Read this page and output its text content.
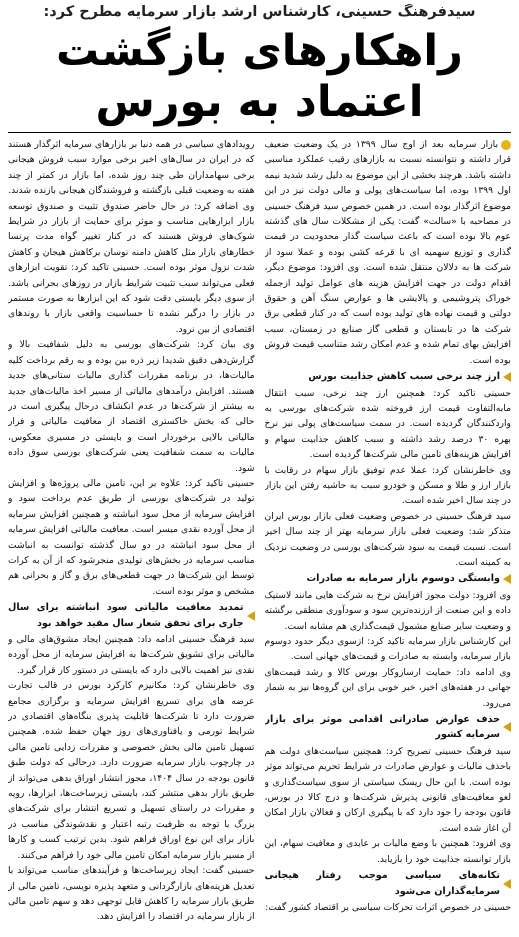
سیدفرهنگ حسینی، کارشناس ارشد بازار سرمایه مطرح کرد:
راهکارهای بازگشت
اعتماد به بورس

بازار سرمایه بعد از اوج سال ۱۳۹۹ در یک وضعیت ضعیف قرار داشته و نتوانسته نسبت به بازارهای رقیب عملکرد مناسبی داشته باشد. هرچند بخشی از این موضوع به دلیل رشد شدید نیمه اول ۱۳۹۹ بوده، اما سیاست‌های پولی و مالی دولت نیز در این موضوع اثرگذار بوده است. در همین خصوص سید فرهنگ حسینی در مصاحبه با «سالت» گفت: یکی از مشکلات سال های گذشته عوم بالا بوده است که باعث سیاست گذار محدودیت در قیمت گذاری و توزیع سهمیه ای با قرعه کشی بوده و عملا سود از شرکت ها به دلالان منتقل شده است. وی افزود: موضوع دیگر، اقدام دولت در جهت افزایش هزینه های عوامل تولید ازجمله خوراک پتروشیمی و پالایشی ها و عوارض سنگ آهن و حقوق دولتی و قیمت نهاده های تولید بوده است که در کنار قطعی برق شرکت ها در تابستان و قطعی گاز صنایع در زمستان، سبب افزایش بهای تمام شده و عدم امکان رشد متناسب قیمت فروش بوده است.

ارز چند نرخی سبب کاهش جذابیت بورس

حسینی تاکید کرد: همچنین ارز چند نرخی، سبب انتقال مابه‌التفاوت قیمت ارز فروخته شده شرکت‌های بورسی به واردکنندگان گردیده است. در سمت سیاست‌های پولی نیز نرخ بهره ۳۰ درصد رشد داشته و سبب کاهش جذابیت سهام و افزایش هزینه‌های تامین مالی شرکت‌ها گردیده است.

وی خاطرنشان کرد: عملا عدم توفیق بازار سهام در رقابت با بازار ارز و طلا و مسکن و خودرو سبب به حاشیه رفتن این بازار در چند سال اخیر شده است.

سید فرهنگ حسینی در خصوص وضعیت فعلی بازار بورس ایران متذکر شد: وضعیت فعلی بازار سرمایه بهتر از چند سال اخیر است. نسبت قیمت به سود شرکت‌های بورسی در وضعیت نزدیک به کمینه است.

وابستگی دوسوم بازار سرمایه به صادرات

وی افزود: دولت مجوز افزایش نرخ به شرکت هایی مانند لاستیک داده و این صنعت از ارزنده‌ترین سود و سودآوری منطقی برگشته و وضعیت سایر صنایع مشمول قیمت‌گذاری هم مشابه است.

این کارشناس بازار سرمایه تاکید کرد: ازسوی دیگر حدود دوسوم بازار سرمایه، وابسته به صادرات و قیمت‌های جهانی است.

وی ادامه داد: حمایت ارسازوکار بورس کالا و رشد قیمت‌های جهانی در هفته‌های اخیر، خبر خوبی برای این گروه‌ها نیز به شمار می‌رود.

حذف عوارض صادراتی اقدامی موثر برای بازار سرمایه کشور

سید فرهنگ حسینی تصریح کرد: همچنین سیاست‌های دولت هم باحذف مالیات و عوارض صادرات در شرایط تحریم می‌تواند موثر بوده است. با این حال ریسک سیاستی از سوی سیاست‌گذاری و لغو معافیت‌های قانونی پذیرش شرکت‌ها و درج کالا در بورس، قانون بودجه را جود دارد که با پیگیری ارکان و فعالان بازار امکان آن اغاز شده است.

وی افزود: همچنین با وضع مالیات بر عایدی و معافیت سهام، این بازار توانسته جذابیت خود را بازیابد.

تکانه‌های سیاسی موجب رفتار هیجانی سرمایه‌گذاران می‌شود

حسینی در خصوص اثرات تحرکات سیاسی بر اقتصاد کشور گفت:

رویدادهای سیاسی در همه دنیا بر بازارهای سرمایه اثرگذار هستند که در ایران در سال‌های اخیر برخی موارد سبب فروش هیجانی برخی سهامداران طی چند روز شده، اما بازار در کمتر از چند هفته به وضعیت قبلی بازگشته و فروشندگان هیجانی بازنده شدند.

وی اضافه کرد: در حال حاضر صندوق تثبیت و صندوق توسعه بازار ابزارهایی مناسب و موثر برای حمایت از بازار در شرایط شوک‌های فروش هستند که در کنار تغییر گواه مدت پرنسا خطارهای بازار مثل کاهش دامنه نوسان برکاهش هیجان و کاهش شدت نزول موثر بوده است. حسینی تاکید کرد: تقویت ابزارهای فعلی می‌تواند سبب تثبیت شرایط بازار در روزهای بحرانی باشد. از سوی دیگر بایستی دقت شود که این ابزارها به صورت مستمر در بازار را درگیر نشده تا حساسیت واقعی بازار با روندهای اقتصادی از بین نرود.

وی بیان کرد: شرکت‌های بورسی به دلیل شفافیت بالا و گزارش‌دهی دقیق شدیدا زیر ذره بین بوده و به رقم برداخت کلیه مالیات‌ها، در برنامه مقررات گذاری مالیات ستانی‌های جدید هستند. افزایش درآمدهای مالیاتی از مسیر اخذ مالیات‌های جدید به بیشتر از شرکت‌ها در عدم انکشاف درحال پیگیری است در حالی که بخش خاکستری اقتصاد از معافیت مالیاتی و فرار مالیاتی بالایی برخوردار است و بایستی در مسیری معکوس، مالیات به سمت شفافیت یعنی شرکت‌های بورسی سوق داده شود.

حسینی تاکید کرد: علاوه بر این، تامین مالی پروژه‌ها و افزایش تولید در شرکت‌های بورسی از طریق عدم برداخت سود و افزایش سرمایه از محل سود انباشته و همچنین افزایش سرمایه از محل آورده نقدی میسر است. معافیت مالیاتی افزایش سرمایه از محل سود انباشته در دو سال گذشته توانست به انباشت مناسب سرمایه در بخش‌های تولیدی منجرشود که از آن به کرات توسط این شرکت‌ها در جهت قطعی‌های برق و گاز و بحرانی هم مشخص و موثر بوده است.

تمدید معافیت مالیاتی سود انباشته برای سال جاری برای تحقق شعار سال مفید خواهد بود

سید فرهنگ حسینی ادامه داد: همچنین ایجاد مشوق‌های مالی و مالیاتی برای تشویق شرکت‌ها به افزایش سرمایه از محل آورده نقدی نیز اهمیت بالایی دارد که بایستی در دستور کار قرار گیرد.

وی خاطرنشان کرد: مکانیزم کارکرد بورس در قالب تجارت عرضه های برای تسریع افزایش سرمایه و برگزاری مجامع ضرورت دارد تا شرکت‌ها قابلیت پذیری بنگاه‌های اقتصادی در شرایط تورمی و یافتاوری‌های روز جهان حفظ شده. همچنین تسهیل تامین مالی بخش خصوصی و مقررات زدایی تامین مالی در چارچوب بازار سرمایه ضرورت دارد. درحالی که دولت طبق قانون بودجه در سال ۱۴۰۴، مجوز انتشار اوراق بدهی می‌تواند از طریق بازار بدهی منتشر کند، بایستی زیرساخت‌ها، ابزارها، رویه و مقررات در راستای تسهیل و تسریع انتشار برای شرکت‌های بزرگ با توجه به ظرفیت رتبه اعتبار و نقدشوندگی مناسب در بازار برای این نوع اوراق فراهم شود. بدین ترتیب کسب و کارها از مسیر بازار سرمایه امکان تامین مالی خود را فراهم می‌کنند.

حسینی گفت: ایجاد زیرساخت‌ها و فرآیندهای مناسب می‌تواند با تعدیل هزینه‌های بازارگردانی و متعهد پذیره نویسی، تامین مالی از طریق بازار سرمایه را کاهش قابل توجهی دهد و سهم تامین مالی از بازار سرمایه در اقتصاد را افزایش دهد.
